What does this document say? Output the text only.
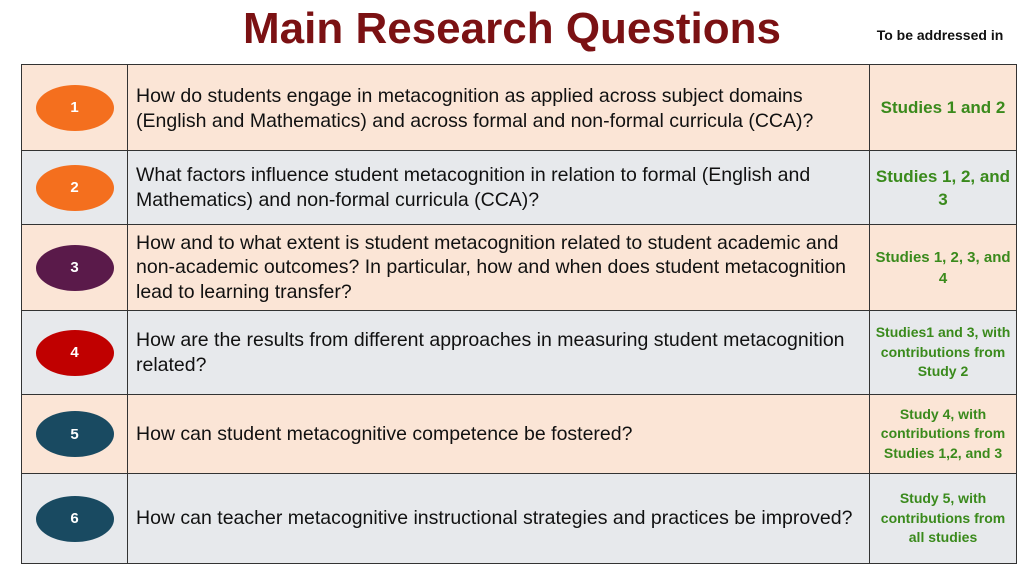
Main Research Questions	To be addressed in
1	How do students engage in metacognition as applied across subject domains (English and Mathematics) and across formal and non-formal curricula (CCA)?	Studies 1 and 2

2	What factors influence student metacognition in relation to formal (English and Mathematics) and non-formal curricula (CCA)?	Studies 1, 2, and 3

3	How and to what extent is student metacognition related to student academic and non-academic outcomes? In particular, how and when does student metacognition lead to learning transfer?	Studies 1, 2, 3, and 4

4	How are the results from different approaches in measuring student metacognition related?	Studies1 and 3, with contributions from Study 2

5	How can student metacognitive competence be fostered?	Study 4, with contributions from Studies 1,2, and 3

6	How can teacher metacognitive instructional strategies and practices be improved?	Study 5, with contributions from all studies
